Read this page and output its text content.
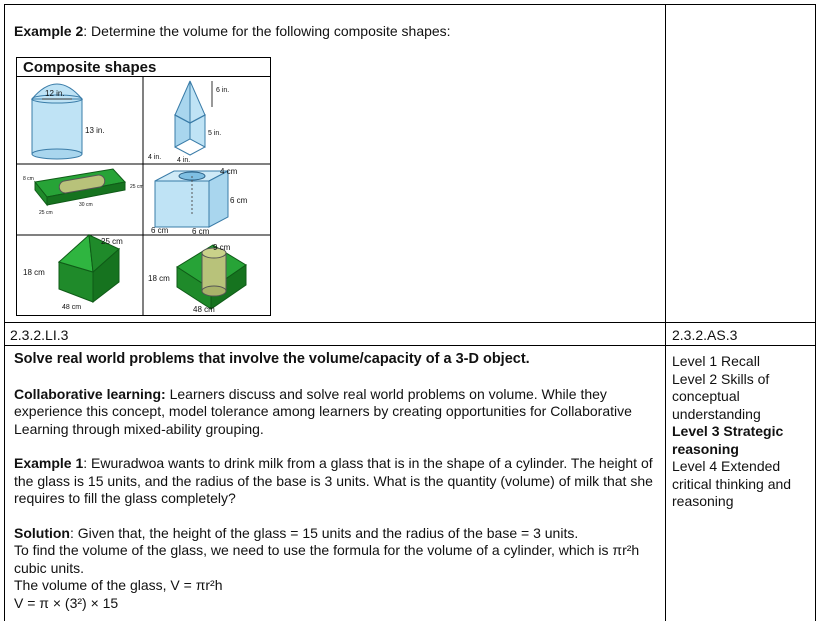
Example 2: Determine the volume for the following composite shapes:
Composite shapes
12 in.
13 in.
6 in.
5 in.
4 in. 4 in.
8 cm
25 cm
30 cm
25 cm
4 cm
6 cm
6 cm	6 cm
25 cm
18 cm
48 cm
9 cm
18 cm
48 cm
2.3.2.LI.3	2.3.2.AS.3

Solve real world problems that involve the volume/capacity of a 3-D object.

Collaborative learning: Learners discuss and solve real world problems on volume. While they experience this concept, model tolerance among learners by creating opportunities for Collaborative Learning through mixed-ability grouping.

Example 1: Ewuradwoa wants to drink milk from a glass that is in the shape of a cylinder. The height of the glass is 15 units, and the radius of the base is 3 units. What is the quantity (volume) of milk that she requires to fill the glass completely?

Solution: Given that, the height of the glass = 15 units and the radius of the base = 3 units.

To find the volume of the glass, we need to use the formula for the volume of a cylinder, which is πr²h cubic units.

The volume of the glass, V = πr²h

V = π × (3²) × 15

Level 1 Recall

Level 2 Skills of conceptual understanding

Level 3 Strategic reasoning

Level 4 Extended critical thinking and reasoning
